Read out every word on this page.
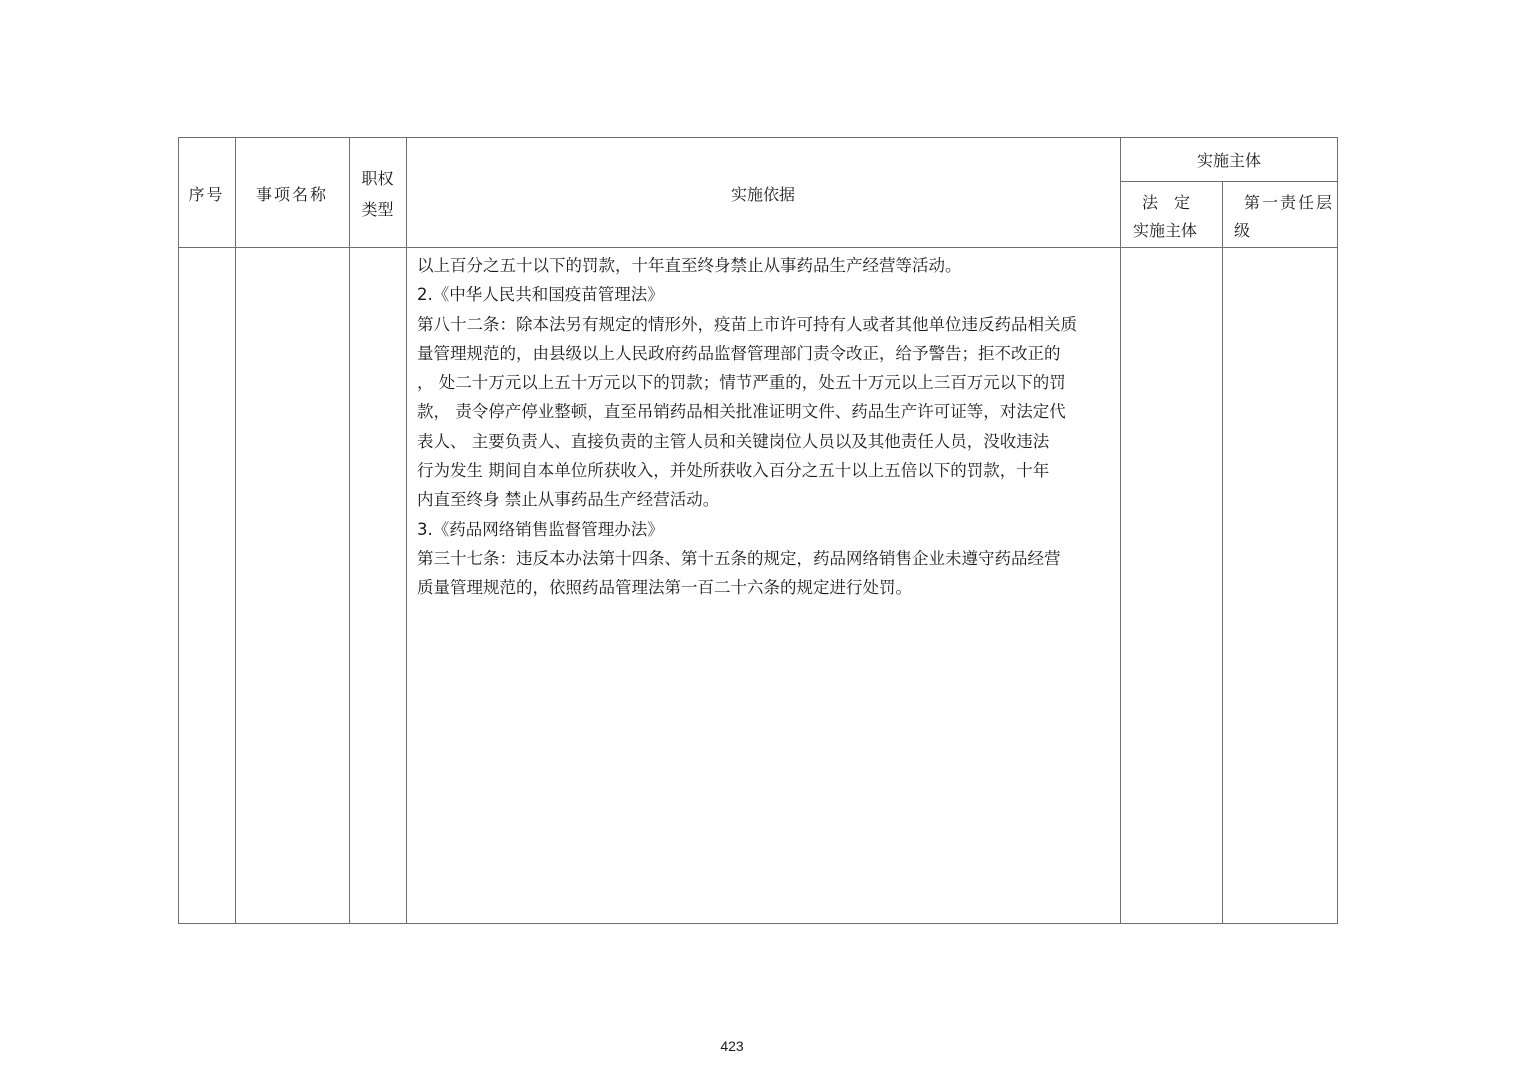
序号	事项名称
职权
类型
实施依据
实施主体
法　定
实施主体
第一责任层
级
以上百分之五十以下的罚款，十年直至终身禁止从事药品生产经营等活动。
2.《中华人民共和国疫苗管理法》
第八十二条：除本法另有规定的情形外，疫苗上市许可持有人或者其他单位违反药品相关质
量管理规范的，由县级以上人民政府药品监督管理部门责令改正，给予警告；拒不改正的
， 处二十万元以上五十万元以下的罚款；情节严重的，处五十万元以上三百万元以下的罚
款， 责令停产停业整顿，直至吊销药品相关批准证明文件、药品生产许可证等，对法定代
表人、 主要负责人、直接负责的主管人员和关键岗位人员以及其他责任人员，没收违法
行为发生 期间自本单位所获收入，并处所获收入百分之五十以上五倍以下的罚款，十年
内直至终身 禁止从事药品生产经营活动。
3.《药品网络销售监督管理办法》
第三十七条：违反本办法第十四条、第十五条的规定，药品网络销售企业未遵守药品经营
质量管理规范的，依照药品管理法第一百二十六条的规定进行处罚。
423
